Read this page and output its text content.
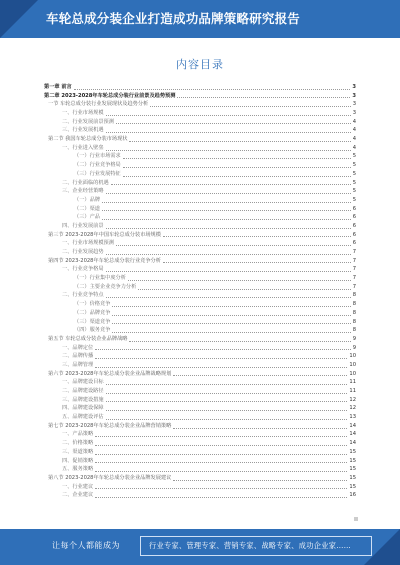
车轮总成分装企业打造成功品牌策略研究报告
内容目录
第一章 前言	3
第二章 2023-2028年车轮总成分装行业前景及趋势预测	3
一节 车轮总成分装行业发展现状及趋势分析	3
一、行业市场规模	3
二、行业发展前景预测	4
三、行业发展机遇	4
第二节 我国车轮总成分装市场现状	4
一、行业进入壁垒	4
（一）行业市场需求	5
（二）行业竞争格局	5
（三）行业发展特征	5
二、行业面临的机遇	5
三、企业经营策略	5
（一）品牌	5
（二）渠道	6
（三）产品	6
四、行业发展前景	6
第三节 2023-2028年中国车轮总成分装市场规模	6
一、行业市场规模预测	6
二、行业发展趋势	7
第四节 2023-2028年车轮总成分装行业竞争分析	7
一、行业竞争格局	7
（一）行业集中度分析	7
（二）主要企业竞争力分析	7
二、行业竞争特点	8
（一）价格竞争	8
（二）品牌竞争	8
（三）渠道竞争	8
（四）服务竞争	8
第五节 车轮总成分装企业品牌战略	9
一、品牌定位	9
二、品牌传播	10
三、品牌管理	10
第六节 2023-2028年车轮总成分装企业品牌战略规划	10
一、品牌建设目标	11
二、品牌建设路径	11
三、品牌建设措施	12
四、品牌建设保障	12
五、品牌建设评估	13
第七节 2023-2028年车轮总成分装企业品牌营销策略	14
一、产品策略	14
二、价格策略	14
三、渠道策略	15
四、促销策略	15
五、服务策略	15
第八节 2023-2028年车轮总成分装企业品牌发展建议	15
一、行业建议	15
二、企业建议	16
让每个人都能成为	行业专家、管理专家、营销专家、战略专家、成功企业家……
